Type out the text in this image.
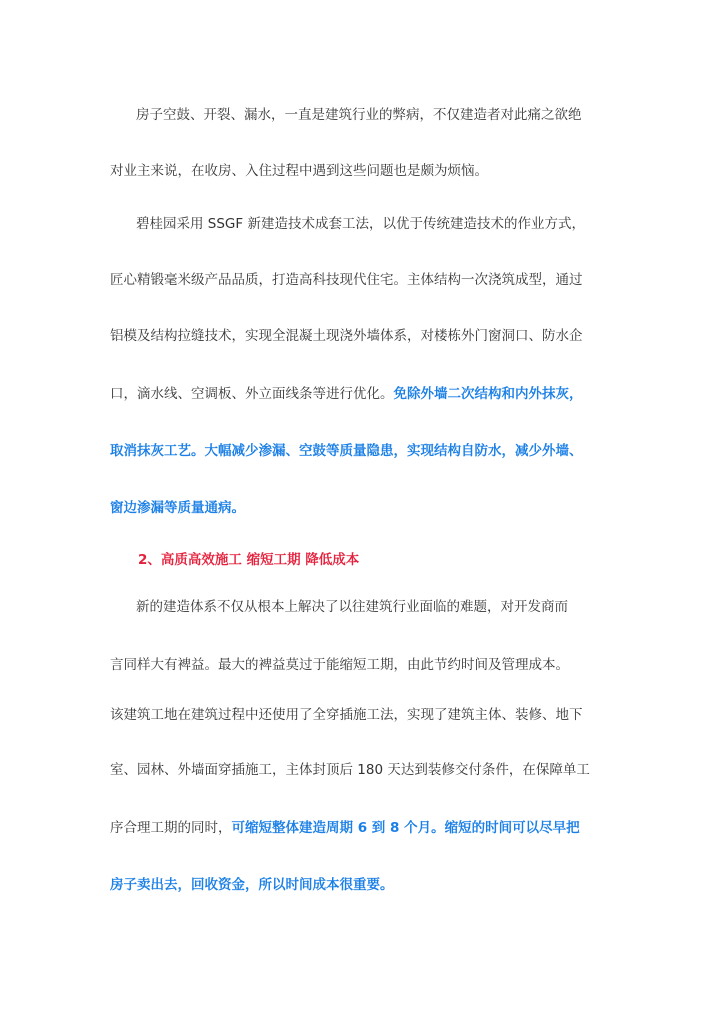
房子空鼓、开裂、漏水，一直是建筑行业的弊病，不仅建造者对此痛之欲绝
对业主来说，在收房、入住过程中遇到这些问题也是颇为烦恼。
碧桂园采用 SSGF 新建造技术成套工法，以优于传统建造技术的作业方式，
匠心精锻毫米级产品品质，打造高科技现代住宅。主体结构一次浇筑成型，通过
铝模及结构拉缝技术，实现全混凝土现浇外墙体系，对楼栋外门窗洞口、防水企
口，滴水线、空调板、外立面线条等进行优化。免除外墙二次结构和内外抹灰，
取消抹灰工艺。大幅减少渗漏、空鼓等质量隐患，实现结构自防水，减少外墙、
窗边渗漏等质量通病。
2、高质高效施工 缩短工期 降低成本
新的建造体系不仅从根本上解决了以往建筑行业面临的难题，对开发商而
言同样大有裨益。最大的裨益莫过于能缩短工期，由此节约时间及管理成本。
该建筑工地在建筑过程中还使用了全穿插施工法，实现了建筑主体、装修、地下
室、园林、外墙面穿插施工，主体封顶后 180 天达到装修交付条件，在保障单工
序合理工期的同时，可缩短整体建造周期 6 到 8 个月。缩短的时间可以尽早把
房子卖出去，回收资金，所以时间成本很重要。
